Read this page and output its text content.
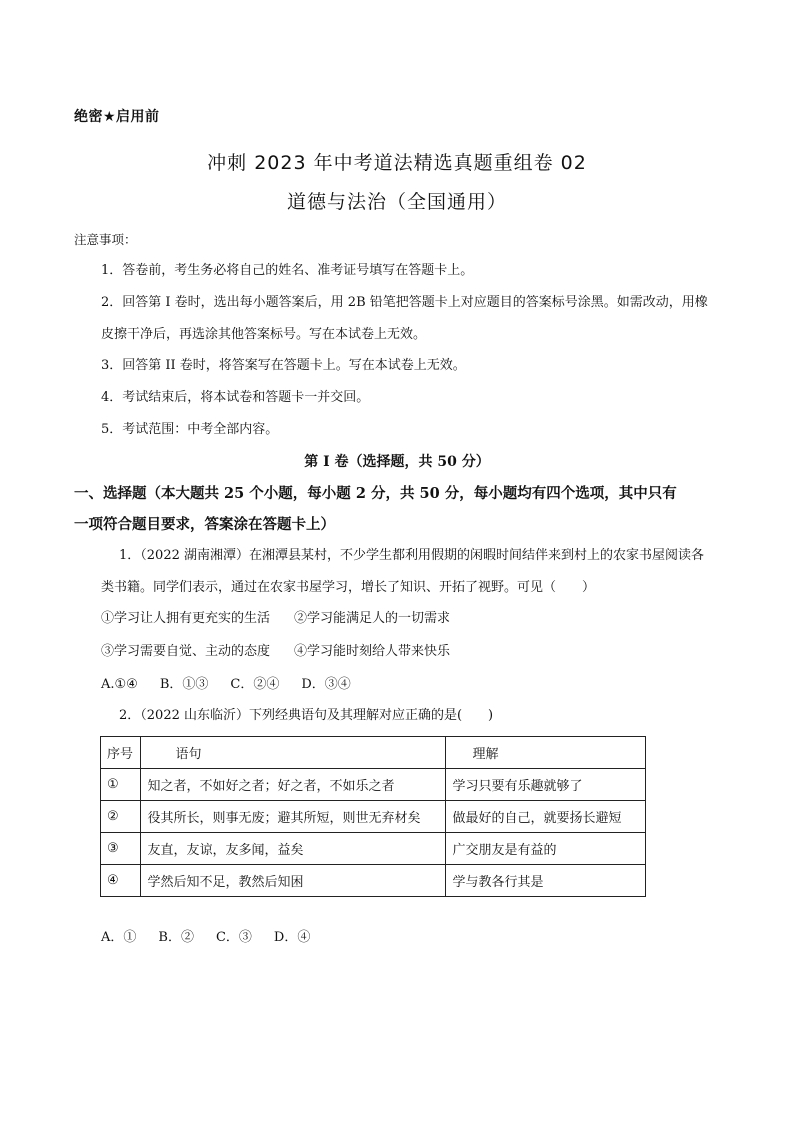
绝密★启用前
冲刺 2023 年中考道法精选真题重组卷 02
道德与法治（全国通用）
注意事项：
1．答卷前，考生务必将自己的姓名、准考证号填写在答题卡上。
2．回答第 I 卷时，选出每小题答案后，用 2B 铅笔把答题卡上对应题目的答案标号涂黑。如需改动，用橡
皮擦干净后，再选涂其他答案标号。写在本试卷上无效。
3．回答第 II 卷时，将答案写在答题卡上。写在本试卷上无效。
4．考试结束后，将本试卷和答题卡一并交回。
5．考试范围：中考全部内容。
第 I 卷（选择题，共 50 分）
一、选择题（本大题共 25 个小题，每小题 2 分，共 50 分，每小题均有四个选项，其中只有
一项符合题目要求，答案涂在答题卡上）
1．（2022 湖南湘潭）在湘潭县某村，不少学生都利用假期的闲暇时间结伴来到村上的农家书屋阅读各
类书籍。同学们表示，通过在农家书屋学习，增长了知识、开拓了视野。可见（　　）
①学习让人拥有更充实的生活 ②学习能满足人的一切需求
③学习需要自觉、主动的态度 ④学习能时刻给人带来快乐
A.①④ B．①③ C．②④ D．③④
2．（2022 山东临沂）下列经典语句及其理解对应正确的是(　　)
序号	语句	理解
①	知之者，不如好之者；好之者，不如乐之者	学习只要有乐趣就够了
②	役其所长，则事无废；避其所短，则世无弃材矣	做最好的自己，就要扬长避短
③	友直，友谅，友多闻，益矣	广交朋友是有益的
④	学然后知不足，教然后知困	学与教各行其是
A．① B．② C．③ D．④
